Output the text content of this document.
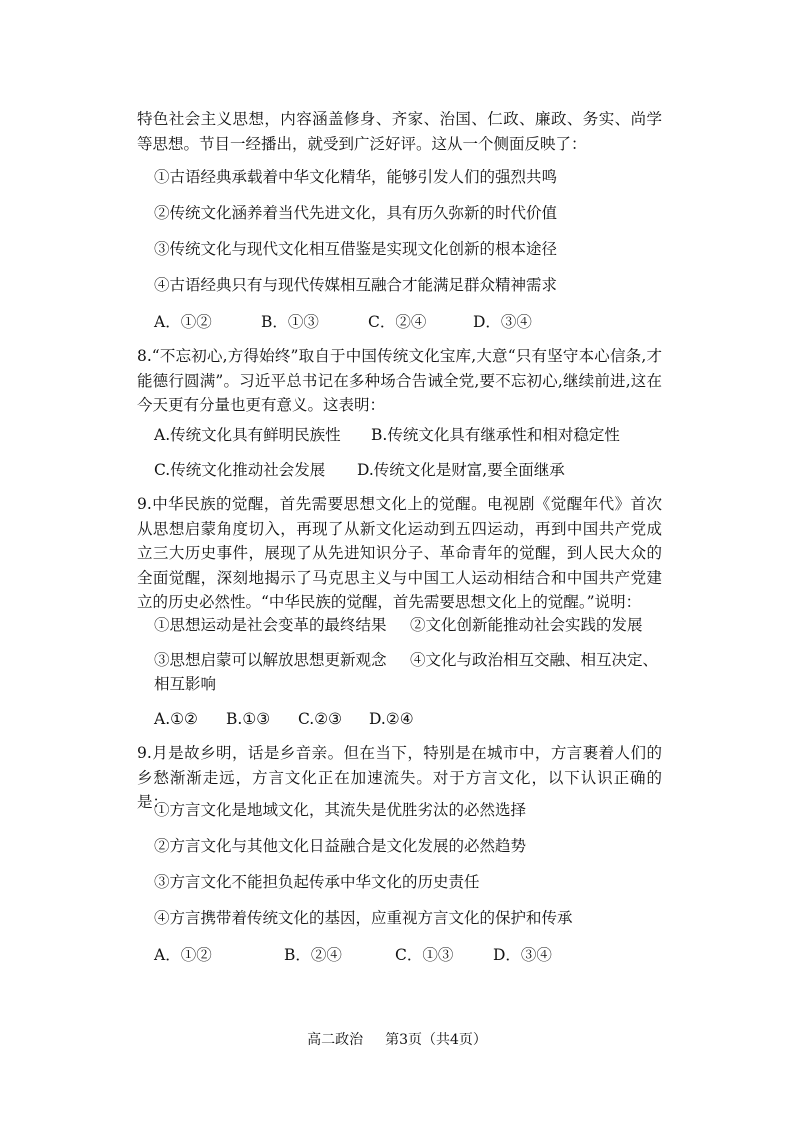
特色社会主义思想，内容涵盖修身、齐家、治国、仁政、廉政、务实、尚学等思想。节目一经播出，就受到广泛好评。这从一个侧面反映了：

①古语经典承载着中华文化精华，能够引发人们的强烈共鸣

②传统文化涵养着当代先进文化，具有历久弥新的时代价值

③传统文化与现代文化相互借鉴是实现文化创新的根本途径

④古语经典只有与现代传媒相互融合才能满足群众精神需求

A．①②	B．①③	C．②④	D．③④

8.“不忘初心,方得始终”取自于中国传统文化宝库,大意“只有坚守本心信条,才能德行圆满”。习近平总书记在多种场合告诫全党,要不忘初心,继续前进,这在今天更有分量也更有意义。这表明：

A.传统文化具有鲜明民族性 B.传统文化具有继承性和相对稳定性
C.传统文化推动社会发展 D.传统文化是财富,要全面继承

9.中华民族的觉醒，首先需要思想文化上的觉醒。电视剧《觉醒年代》首次从思想启蒙角度切入，再现了从新文化运动到五四运动，再到中国共产党成立三大历史事件，展现了从先进知识分子、革命青年的觉醒，到人民大众的全面觉醒，深刻地揭示了马克思主义与中国工人运动相结合和中国共产党建立的历史必然性。“中华民族的觉醒，首先需要思想文化上的觉醒。”说明：

①思想运动是社会变革的最终结果 ②文化创新能推动社会实践的发展
③思想启蒙可以解放思想更新观念 ④文化与政治相互交融、相互决定、
相互影响
A.①② B.①③ C.②③ D.②④

9.月是故乡明，话是乡音亲。但在当下，特别是在城市中，方言裹着人们的乡愁渐渐走远，方言文化正在加速流失。对于方言文化，以下认识正确的是：

①方言文化是地域文化，其流失是优胜劣汰的必然选择

②方言文化与其他文化日益融合是文化发展的必然趋势

③方言文化不能担负起传承中华文化的历史责任

④方言携带着传统文化的基因，应重视方言文化的保护和传承

A．①②	B．②④	C．①③	D．③④
高二政治 第3页（共4页）
